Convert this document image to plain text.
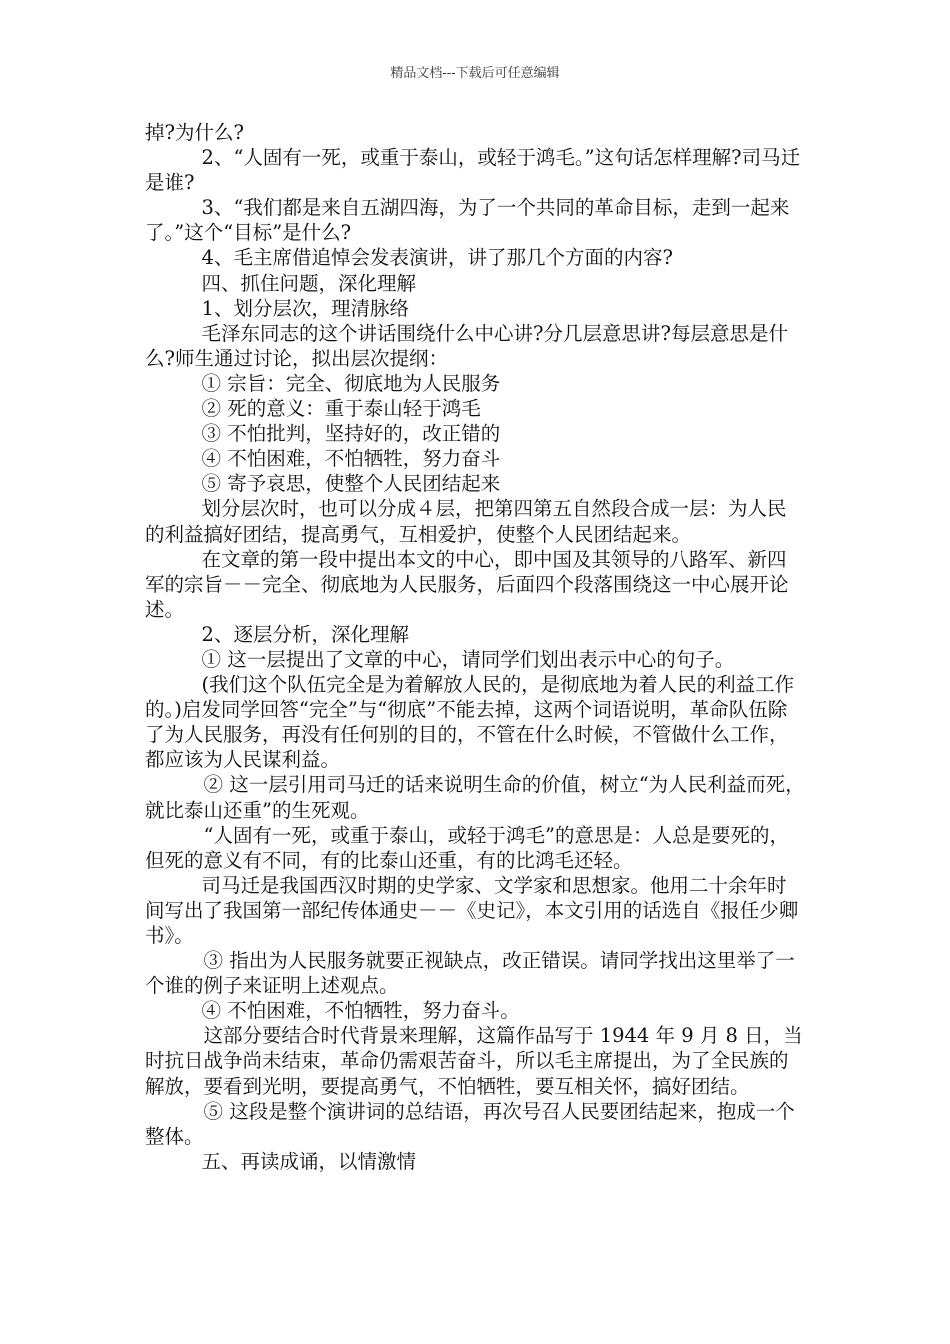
精品文档---下载后可任意编辑

掉?为什么?

2、“人固有一死，或重于泰山，或轻于鸿毛。”这句话怎样理解?司马迁是谁?

3、“我们都是来自五湖四海，为了一个共同的革命目标，走到一起来了。”这个“目标”是什么?

4、毛主席借追悼会发表演讲，讲了那几个方面的内容?

四、抓住问题，深化理解

1、划分层次，理清脉络

毛泽东同志的这个讲话围绕什么中心讲?分几层意思讲?每层意思是什么?师生通过讨论，拟出层次提纲：

① 宗旨：完全、彻底地为人民服务

② 死的意义：重于泰山轻于鸿毛

③ 不怕批判，坚持好的，改正错的

④ 不怕困难，不怕牺牲，努力奋斗

⑤ 寄予哀思，使整个人民团结起来

划分层次时，也可以分成４层，把第四第五自然段合成一层：为人民的利益搞好团结，提高勇气，互相爱护，使整个人民团结起来。

在文章的第一段中提出本文的中心，即中国及其领导的八路军、新四军的宗旨－－完全、彻底地为人民服务，后面四个段落围绕这一中心展开论述。

2、逐层分析，深化理解

① 这一层提出了文章的中心，请同学们划出表示中心的句子。

(我们这个队伍完全是为着解放人民的，是彻底地为着人民的利益工作的。)启发同学回答“完全”与“彻底”不能去掉，这两个词语说明，革命队伍除了为人民服务，再没有任何别的目的，不管在什么时候，不管做什么工作，都应该为人民谋利益。

② 这一层引用司马迁的话来说明生命的价值，树立“为人民利益而死，就比泰山还重”的生死观。

“人固有一死，或重于泰山，或轻于鸿毛”的意思是：人总是要死的，但死的意义有不同，有的比泰山还重，有的比鸿毛还轻。

司马迁是我国西汉时期的史学家、文学家和思想家。他用二十余年时间写出了我国第一部纪传体通史－－《史记》，本文引用的话选自《报任少卿书》。

③ 指出为人民服务就要正视缺点，改正错误。请同学找出这里举了一个谁的例子来证明上述观点。

④ 不怕困难，不怕牺牲，努力奋斗。

这部分要结合时代背景来理解，这篇作品写于 1944 年 9 月 8 日，当时抗日战争尚未结束，革命仍需艰苦奋斗，所以毛主席提出，为了全民族的解放，要看到光明，要提高勇气，不怕牺牲，要互相关怀，搞好团结。

⑤ 这段是整个演讲词的总结语，再次号召人民要团结起来，抱成一个整体。

五、再读成诵，以情激情
